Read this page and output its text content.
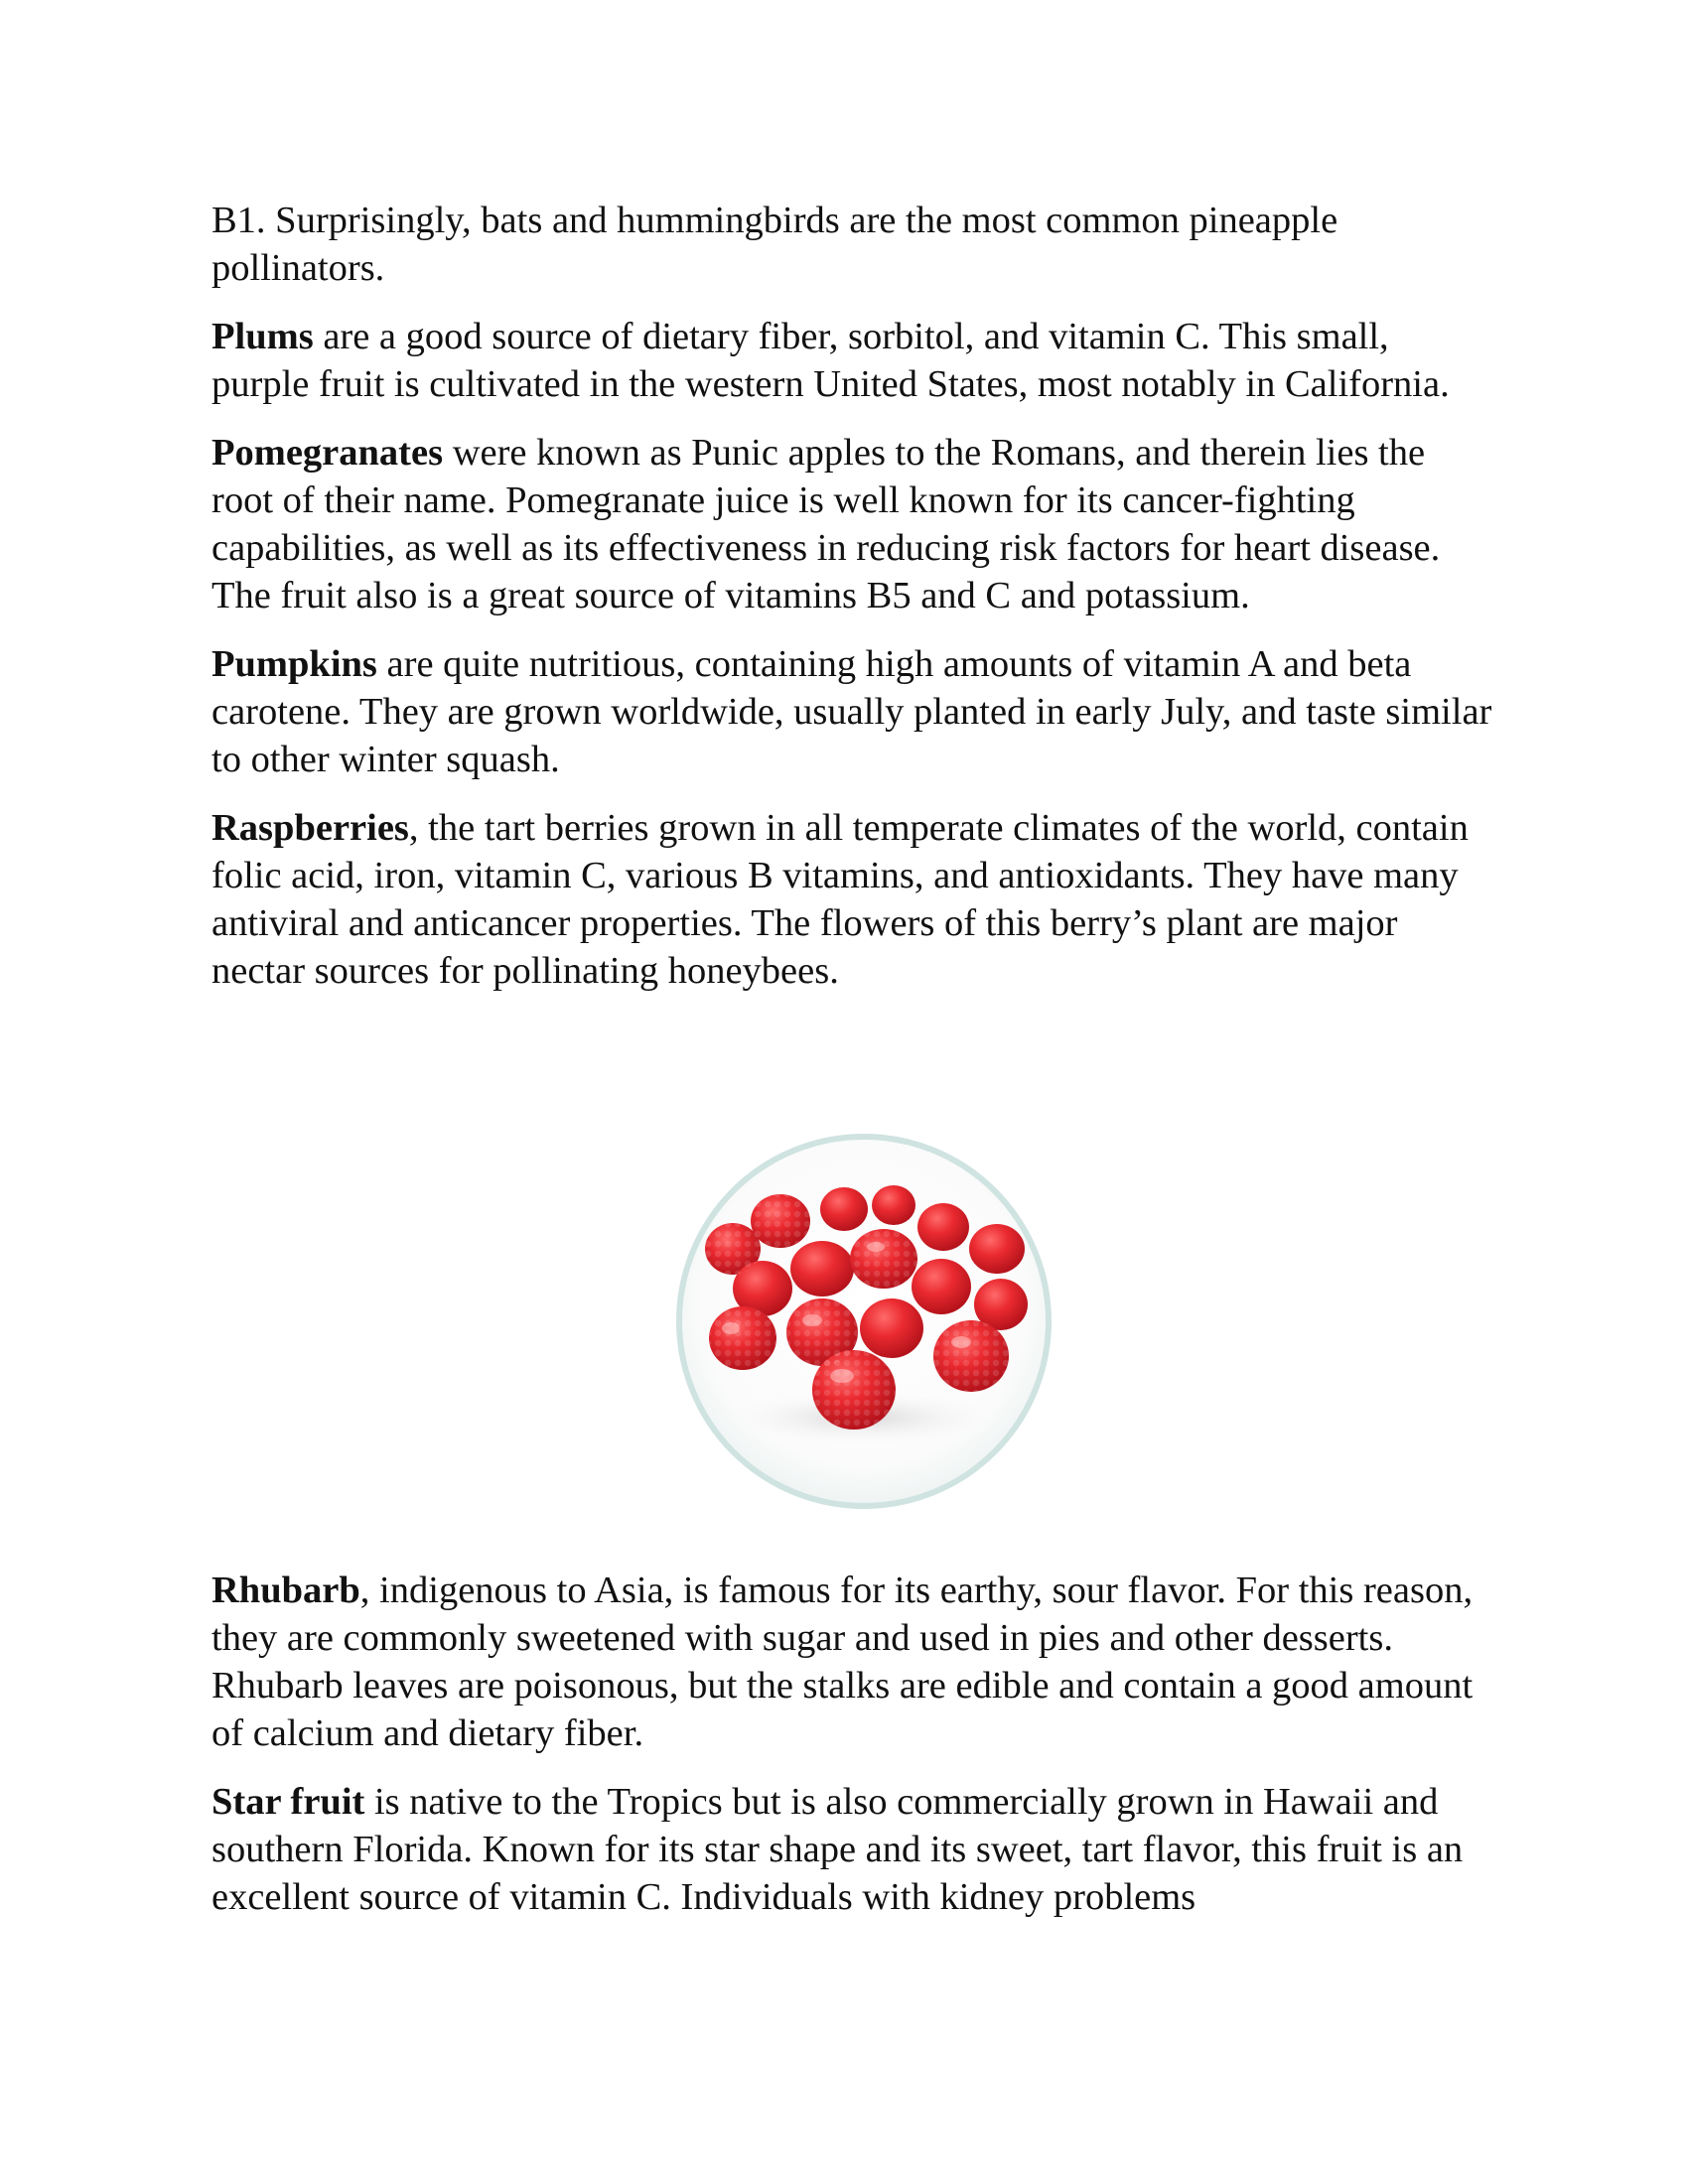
B1. Surprisingly, bats and hummingbirds are the most common pineapple pollinators.

Plums are a good source of dietary fiber, sorbitol, and vitamin C. This small, purple fruit is cultivated in the western United States, most notably in California.

Pomegranates were known as Punic apples to the Romans, and therein lies the root of their name. Pomegranate juice is well known for its cancer-fighting capabilities, as well as its effectiveness in reducing risk factors for heart disease. The fruit also is a great source of vitamins B5 and C and potassium.

Pumpkins are quite nutritious, containing high amounts of vitamin A and beta carotene. They are grown worldwide, usually planted in early July, and taste similar to other winter squash.

Raspberries, the tart berries grown in all temperate climates of the world, contain folic acid, iron, vitamin C, various B vitamins, and antioxidants. They have many antiviral and anticancer properties. The flowers of this berry’s plant are major nectar sources for pollinating honeybees.

Rhubarb, indigenous to Asia, is famous for its earthy, sour flavor. For this reason, they are commonly sweetened with sugar and used in pies and other desserts. Rhubarb leaves are poisonous, but the stalks are edible and contain a good amount of calcium and dietary fiber.

Star fruit is native to the Tropics but is also commercially grown in Hawaii and southern Florida. Known for its star shape and its sweet, tart flavor, this fruit is an excellent source of vitamin C. Individuals with kidney problems
